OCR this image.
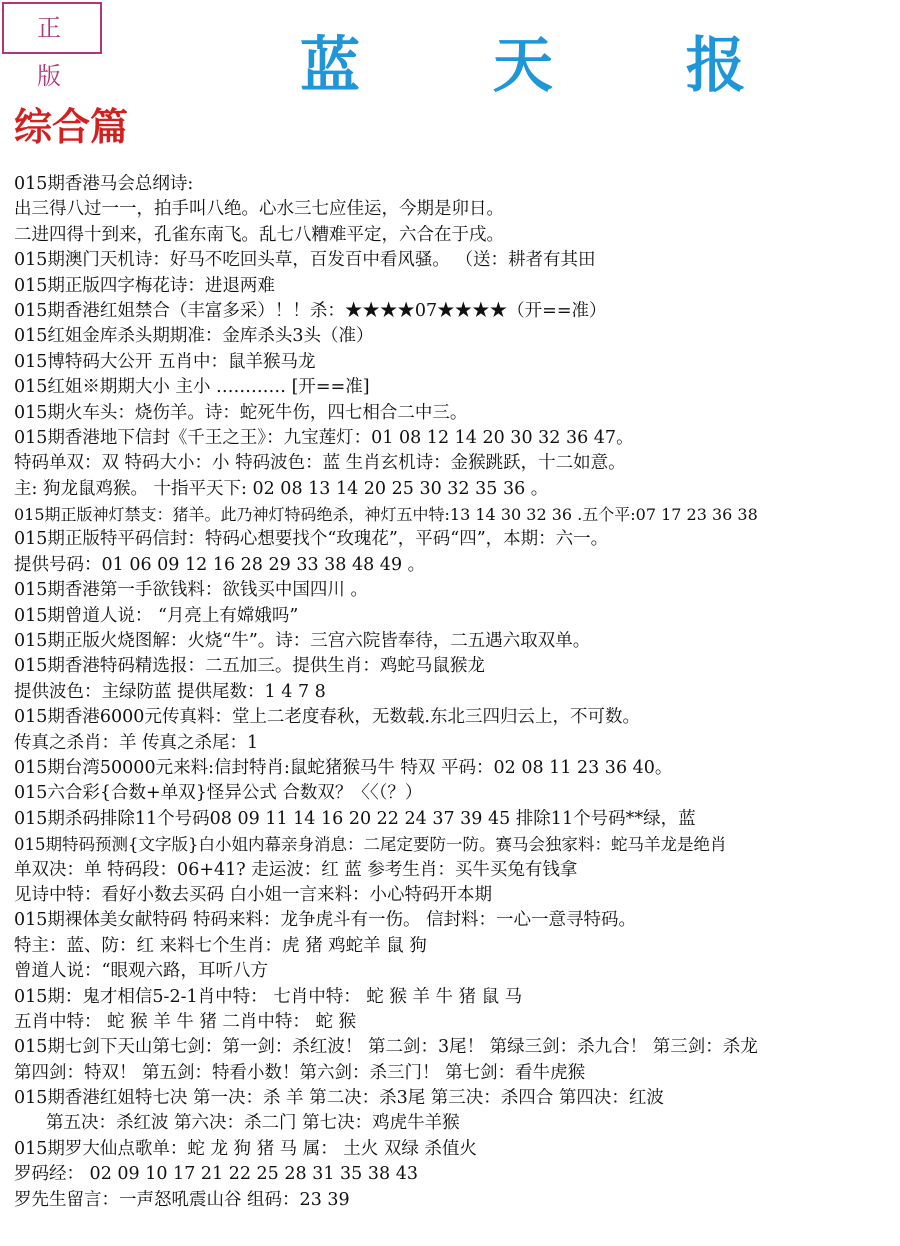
正 版	蓝 天 报
综合篇
015期香港马会总纲诗:
出三得八过一一，拍手叫八绝。心水三七应佳运，今期是卯日。
二进四得十到来，孔雀东南飞。乱七八糟难平定，六合在于戌。
015期澳门天机诗：好马不吃回头草，百发百中看风骚。 （送：耕者有其田
015期正版四字梅花诗：进退两难
015期香港红姐禁合（丰富多采）！！杀：★★★★07★★★★（开==准）
015红姐金库杀头期期准：金库杀头3头（准）
015博特码大公开 五肖中：鼠羊猴马龙
015红姐※期期大小 主小 ………… [开==准]
015期火车头：烧伤羊。诗：蛇死牛伤，四七相合二中三。
015期香港地下信封《千王之王》：九宝莲灯：01 08 12 14 20 30 32 36 47。
特码单双：双 特码大小：小 特码波色：蓝 生肖玄机诗：金猴跳跃，十二如意。
主: 狗龙鼠鸡猴。 十指平天下: 02 08 13 14 20 25 30 32 35 36 。
015期正版神灯禁支：猪羊。此乃神灯特码绝杀，神灯五中特:13 14 30 32 36 .五个平:07 17 23 36 38
015期正版特平码信封：特码心想要找个“玫瑰花”，平码“四”，本期：六一。
提供号码：01 06 09 12 16 28 29 33 38 48 49 。
015期香港第一手欲钱料：欲钱买中国四川 。
015期曾道人说： “月亮上有嫦娥吗”
015期正版火烧图解：火烧“牛”。诗：三宫六院皆奉待，二五遇六取双单。
015期香港特码精选报：二五加三。提供生肖：鸡蛇马鼠猴龙
提供波色：主绿防蓝 提供尾数：1 4 7 8
015期香港6000元传真料：堂上二老度春秋，无数载.东北三四归云上，不可数。
传真之杀肖：羊 传真之杀尾：1
015期台湾50000元来料:信封特肖:鼠蛇猪猴马牛 特双 平码：02 08 11 23 36 40。
015六合彩{合数+单双}怪异公式 合数双？〈〈（？）
015期杀码排除11个号码08 09 11 14 16 20 22 24 37 39 45 排除11个号码**绿，蓝
015期特码预测{文字版}白小姐内幕亲身消息：二尾定要防一防。赛马会独家料：蛇马羊龙是绝肖
单双决：单 特码段：06+41? 走运波：红 蓝 参考生肖：买牛买兔有钱拿
见诗中特：看好小数去买码 白小姐一言来料：小心特码开本期
015期裸体美女献特码 特码来料：龙争虎斗有一伤。 信封料：一心一意寻特码。
特主：蓝、防：红 来料七个生肖：虎 猪 鸡蛇羊 鼠 狗
曾道人说：“眼观六路，耳听八方
015期：鬼才相信5-2-1肖中特： 七肖中特： 蛇 猴 羊 牛 猪 鼠 马
五肖中特： 蛇 猴 羊 牛 猪 二肖中特： 蛇 猴
015期七剑下天山第七剑：第一剑：杀红波！ 第二剑：3尾！ 第绿三剑：杀九合！ 第三剑：杀龙
第四剑：特双！ 第五剑：特看小数！第六剑：杀三门！ 第七剑：看牛虎猴
015期香港红姐特七决 第一决：杀 羊 第二决：杀3尾 第三决：杀四合 第四决：红波
第五决：杀红波 第六决：杀二门 第七决：鸡虎牛羊猴
015期罗大仙点歌单：蛇 龙 狗 猪 马 属： 土火 双绿 杀值火
罗码经： 02 09 10 17 21 22 25 28 31 35 38 43
罗先生留言：一声怒吼震山谷 组码：23 39
